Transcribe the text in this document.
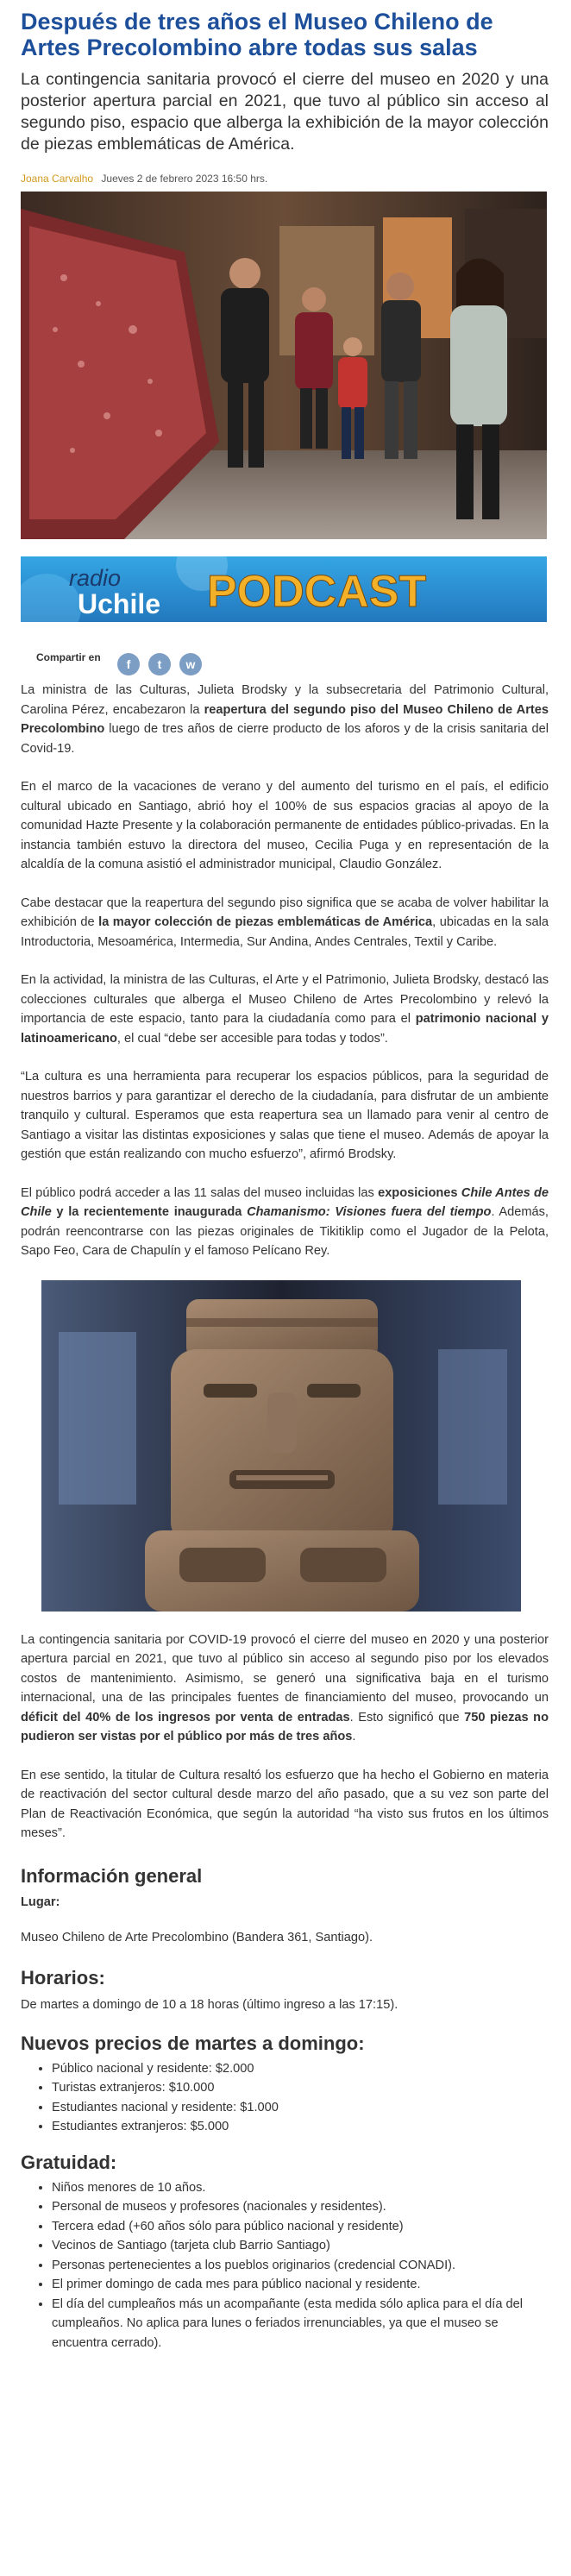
Después de tres años el Museo Chileno de Artes Precolombino abre todas sus salas

La contingencia sanitaria provocó el cierre del museo en 2020 y una posterior apertura parcial en 2021, que tuvo al público sin acceso al segundo piso, espacio que alberga la exhibición de la mayor colección de piezas emblemáticas de América.

Joana Carvalho Jueves 2 de febrero 2023 16:50 hrs.
radio
Uchile PODCAST
Compartir en	f	t	w

La ministra de las Culturas, Julieta Brodsky y la subsecretaria del Patrimonio Cultural, Carolina Pérez, encabezaron la reapertura del segundo piso del Museo Chileno de Artes Precolombino luego de tres años de cierre producto de los aforos y de la crisis sanitaria del Covid-19.

En el marco de la vacaciones de verano y del aumento del turismo en el país, el edificio cultural ubicado en Santiago, abrió hoy el 100% de sus espacios gracias al apoyo de la comunidad Hazte Presente y la colaboración permanente de entidades público-privadas. En la instancia también estuvo la directora del museo, Cecilia Puga y en representación de la alcaldía de la comuna asistió el administrador municipal, Claudio González.

Cabe destacar que la reapertura del segundo piso significa que se acaba de volver habilitar la exhibición de la mayor colección de piezas emblemáticas de América, ubicadas en la sala Introductoria, Mesoamérica, Intermedia, Sur Andina, Andes Centrales, Textil y Caribe.

En la actividad, la ministra de las Culturas, el Arte y el Patrimonio, Julieta Brodsky, destacó las colecciones culturales que alberga el Museo Chileno de Artes Precolombino y relevó la importancia de este espacio, tanto para la ciudadanía como para el patrimonio nacional y latinoamericano, el cual “debe ser accesible para todas y todos”.

“La cultura es una herramienta para recuperar los espacios públicos, para la seguridad de nuestros barrios y para garantizar el derecho de la ciudadanía, para disfrutar de un ambiente tranquilo y cultural. Esperamos que esta reapertura sea un llamado para venir al centro de Santiago a visitar las distintas exposiciones y salas que tiene el museo. Además de apoyar la gestión que están realizando con mucho esfuerzo”, afirmó Brodsky.

El público podrá acceder a las 11 salas del museo incluidas las exposiciones Chile Antes de Chile y la recientemente inaugurada Chamanismo: Visiones fuera del tiempo. Además, podrán reencontrarse con las piezas originales de Tikitiklip como el Jugador de la Pelota, Sapo Feo, Cara de Chapulín y el famoso Pelícano Rey.

La contingencia sanitaria por COVID-19 provocó el cierre del museo en 2020 y una posterior apertura parcial en 2021, que tuvo al público sin acceso al segundo piso por los elevados costos de mantenimiento. Asimismo, se generó una significativa baja en el turismo internacional, una de las principales fuentes de financiamiento del museo, provocando un déficit del 40% de los ingresos por venta de entradas. Esto significó que 750 piezas no pudieron ser vistas por el público por más de tres años.

En ese sentido, la titular de Cultura resaltó los esfuerzo que ha hecho el Gobierno en materia de reactivación del sector cultural desde marzo del año pasado, que a su vez son parte del Plan de Reactivación Económica, que según la autoridad “ha visto sus frutos en los últimos meses”.

Información general
Lugar:

Museo Chileno de Arte Precolombino (Bandera 361, Santiago).

Horarios:

De martes a domingo de 10 a 18 horas (último ingreso a las 17:15).

Nuevos precios de martes a domingo:
• Público nacional y residente: $2.000
• Turistas extranjeros: $10.000
• Estudiantes nacional y residente: $1.000
• Estudiantes extranjeros: $5.000
Gratuidad:
• Niños menores de 10 años.
• Personal de museos y profesores (nacionales y residentes).
• Tercera edad (+60 años sólo para público nacional y residente)
• Vecinos de Santiago (tarjeta club Barrio Santiago)
• Personas pertenecientes a los pueblos originarios (credencial CONADI).
• El primer domingo de cada mes para público nacional y residente.
• El día del cumpleaños más un acompañante (esta medida sólo aplica para el día del cumpleaños. No aplica para lunes o feriados irrenunciables, ya que el museo se encuentra cerrado).
